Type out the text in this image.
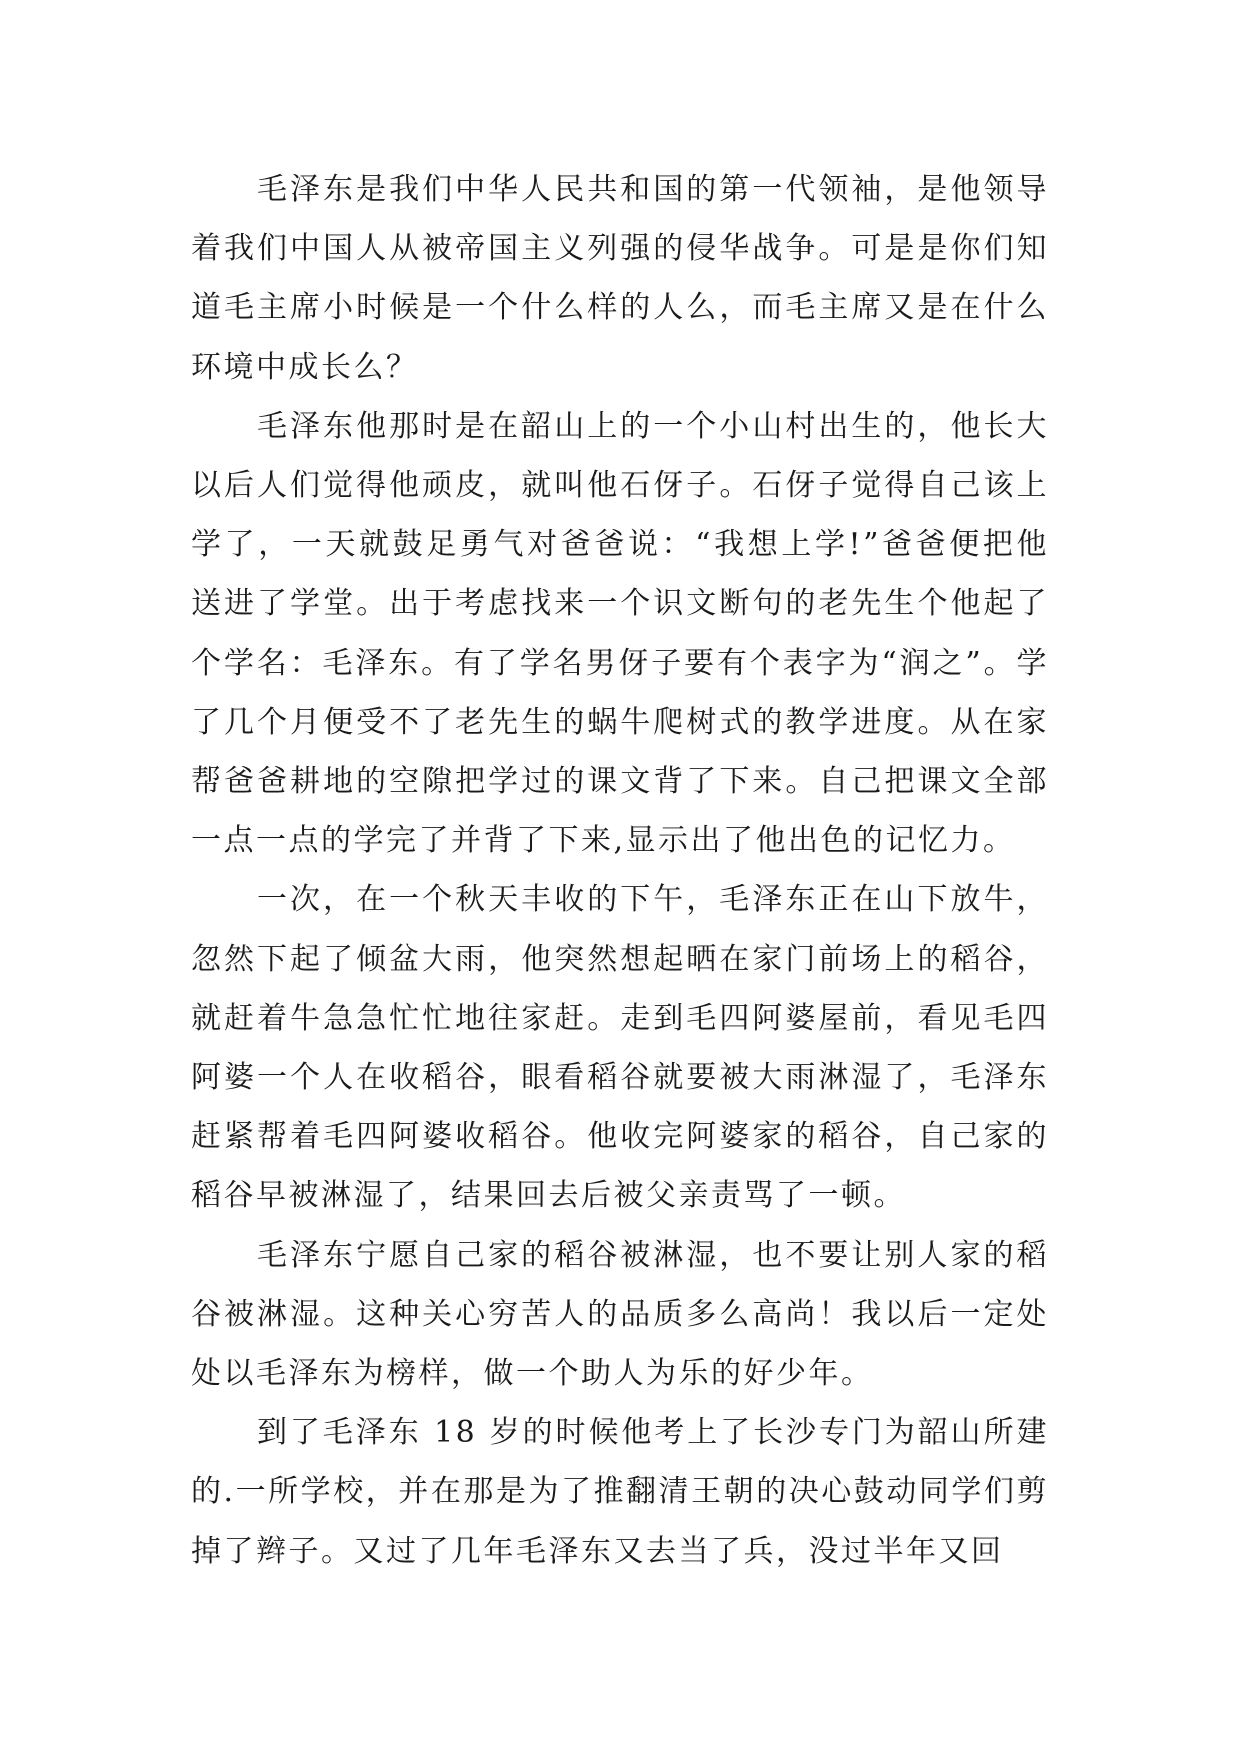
毛泽东是我们中华人民共和国的第一代领袖，是他领导着我们中国人从被帝国主义列强的侵华战争。可是是你们知道毛主席小时候是一个什么样的人么，而毛主席又是在什么环境中成长么？

毛泽东他那时是在韶山上的一个小山村出生的，他长大以后人们觉得他顽皮，就叫他石伢子。石伢子觉得自己该上学了，一天就鼓足勇气对爸爸说：“我想上学!”爸爸便把他送进了学堂。出于考虑找来一个识文断句的老先生个他起了个学名：毛泽东。有了学名男伢子要有个表字为“润之”。学了几个月便受不了老先生的蜗牛爬树式的教学进度。从在家帮爸爸耕地的空隙把学过的课文背了下来。自己把课文全部一点一点的学完了并背了下来,显示出了他出色的记忆力。

一次，在一个秋天丰收的下午，毛泽东正在山下放牛，忽然下起了倾盆大雨，他突然想起晒在家门前场上的稻谷，就赶着牛急急忙忙地往家赶。走到毛四阿婆屋前，看见毛四阿婆一个人在收稻谷，眼看稻谷就要被大雨淋湿了，毛泽东赶紧帮着毛四阿婆收稻谷。他收完阿婆家的稻谷，自己家的稻谷早被淋湿了，结果回去后被父亲责骂了一顿。

毛泽东宁愿自己家的稻谷被淋湿，也不要让别人家的稻谷被淋湿。这种关心穷苦人的品质多么高尚！我以后一定处处以毛泽东为榜样，做一个助人为乐的好少年。

到了毛泽东 18 岁的时候他考上了长沙专门为韶山所建的.一所学校，并在那是为了推翻清王朝的决心鼓动同学们剪掉了辫子。又过了几年毛泽东又去当了兵，没过半年又回
